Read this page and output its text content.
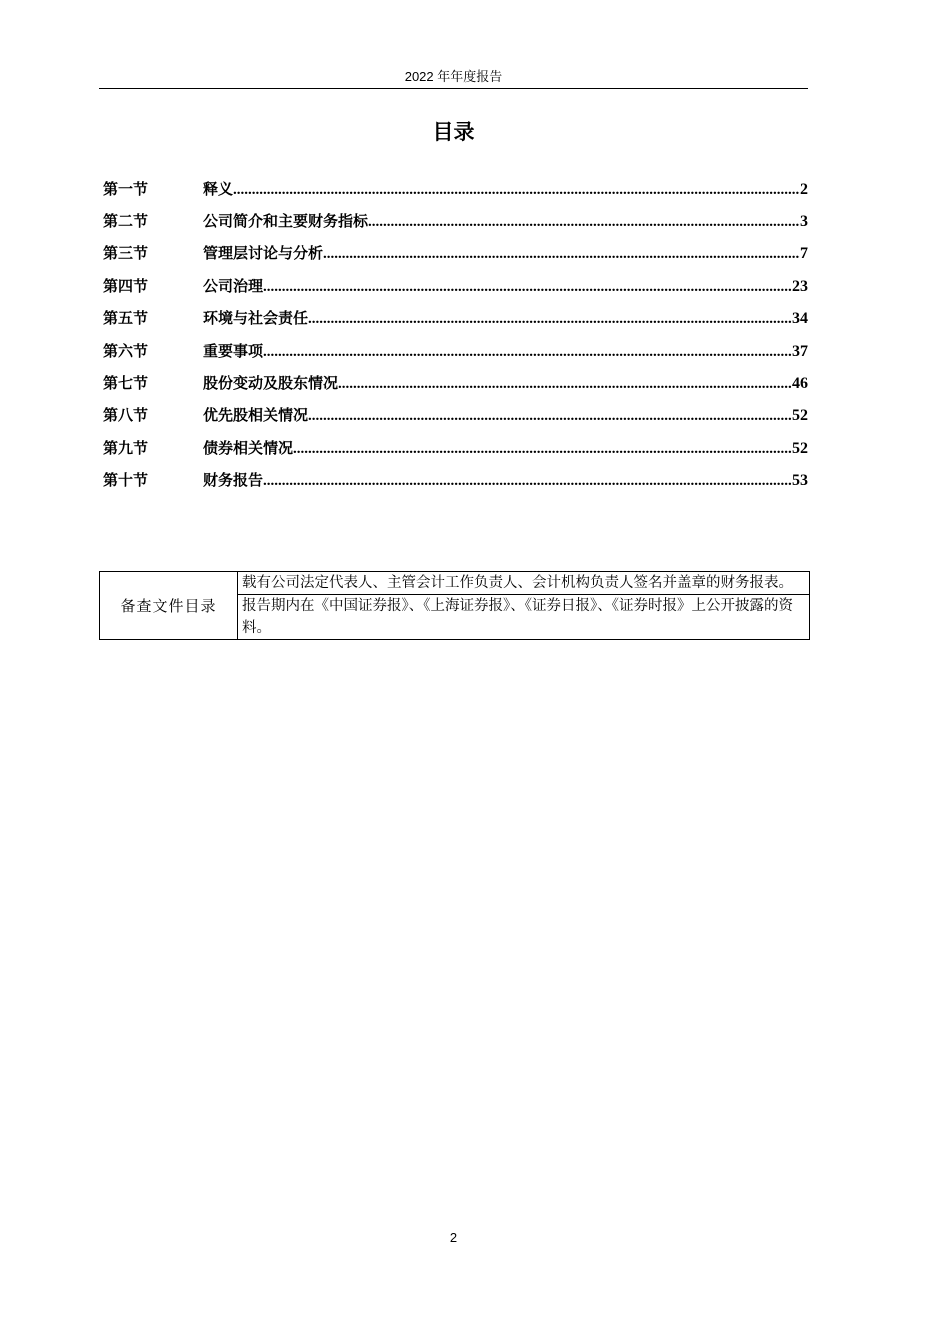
2022 年年度报告
目录
第一节	释义 .....	2
第二节	公司简介和主要财务指标 .....	3
第三节	管理层讨论与分析 .....	7
第四节	公司治理 .....	23
第五节	环境与社会责任 .....	34
第六节	重要事项 .....	37
第七节	股份变动及股东情况 .....	46
第八节	优先股相关情况 .....	52
第九节	债券相关情况 .....	52
第十节	财务报告 .....	53
备查文件目录	载有公司法定代表人、主管会计工作负责人、会计机构负责人签名并盖章的财务报表。
报告期内在《中国证券报》、《上海证券报》、《证券日报》、《证券时报》上公开披露的资料。
2
